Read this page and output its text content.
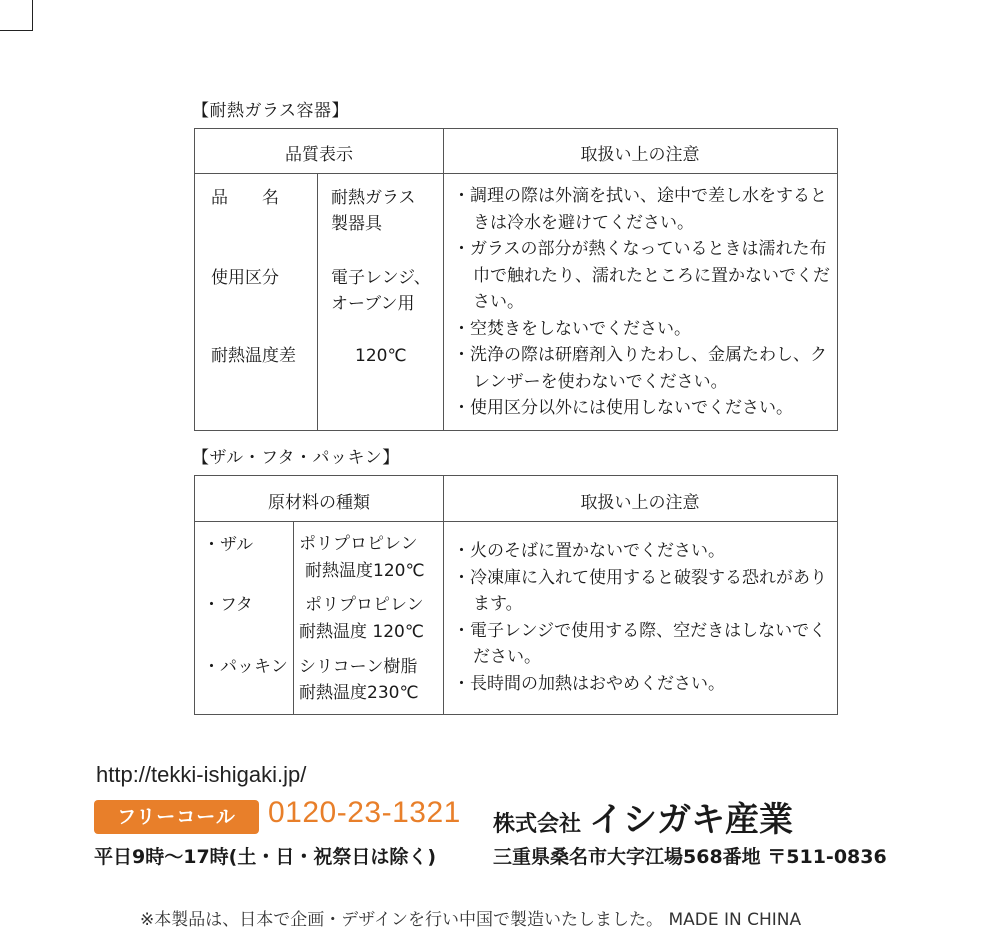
【耐熱ガラス容器】
品質表示	取扱い上の注意
品　　名	耐熱ガラス
製器具
使用区分	電子レンジ、
オーブン用
耐熱温度差	120℃
・調理の際は外滴を拭い、途中で差し水をするときは冷水を避けてください。
・ガラスの部分が熱くなっているときは濡れた布巾で触れたり、濡れたところに置かないでください。
・空焚きをしないでください。
・洗浄の際は研磨剤入りたわし、金属たわし、クレンザーを使わないでください。
・使用区分以外には使用しないでください。
【ザル・フタ・パッキン】
原材料の種類	取扱い上の注意
・ザル	ポリプロピレン
耐熱温度120℃
・フタ	ポリプロピレン
耐熱温度 120℃
・パッキン シリコーン樹脂
耐熱温度230℃
・火のそばに置かないでください。
・冷凍庫に入れて使用すると破裂する恐れがあります。
・電子レンジで使用する際、空だきはしないでください。
・長時間の加熱はおやめください。
http://tekki-ishigaki.jp/
フリーコール	0120-23-1321 株式会社 イシガキ産業
平日9時〜17時(土・日・祝祭日は除く)	三重県桑名市大字江場568番地 〒511-0836
※本製品は、日本で企画・デザインを行い中国で製造いたしました。 MADE IN CHINA
